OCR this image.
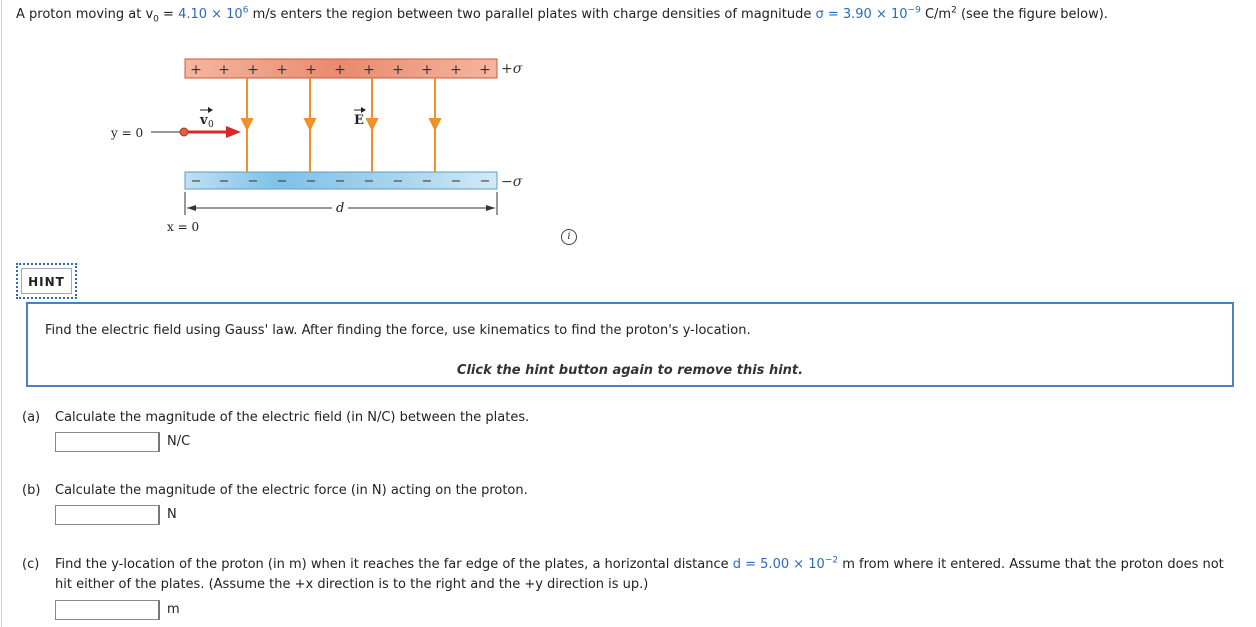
A proton moving at $v_0 = 4.10 \times 10^6$ m/s enters the region between two parallel plates with charge densities of magnitude $\sigma = 3.90 \times 10^{-9}$ $C/m^2$ (see the figure below).
+ + + + + + + + + + + +σ
− − − − − − − − − − − −σ
E
v 0
y = 0
d
x = 0
i
HINT
Find the electric field using Gauss' law. After finding the force, use kinematics to find the proton's y-location.
Click the hint button again to remove this hint.
(a) Calculate the magnitude of the electric field (in N/C) between the plates.
N/C
(b) Calculate the magnitude of the electric force (in N) acting on the proton.
N
(c) Find the y-location of the proton (in m) when it reaches the far edge of the plates, a horizontal distance $d = 5.00 \times 10^{-2}$ m from where it entered. Assume that the proton does not
hit either of the plates. (Assume the +x direction is to the right and the +y direction is up.)
m
